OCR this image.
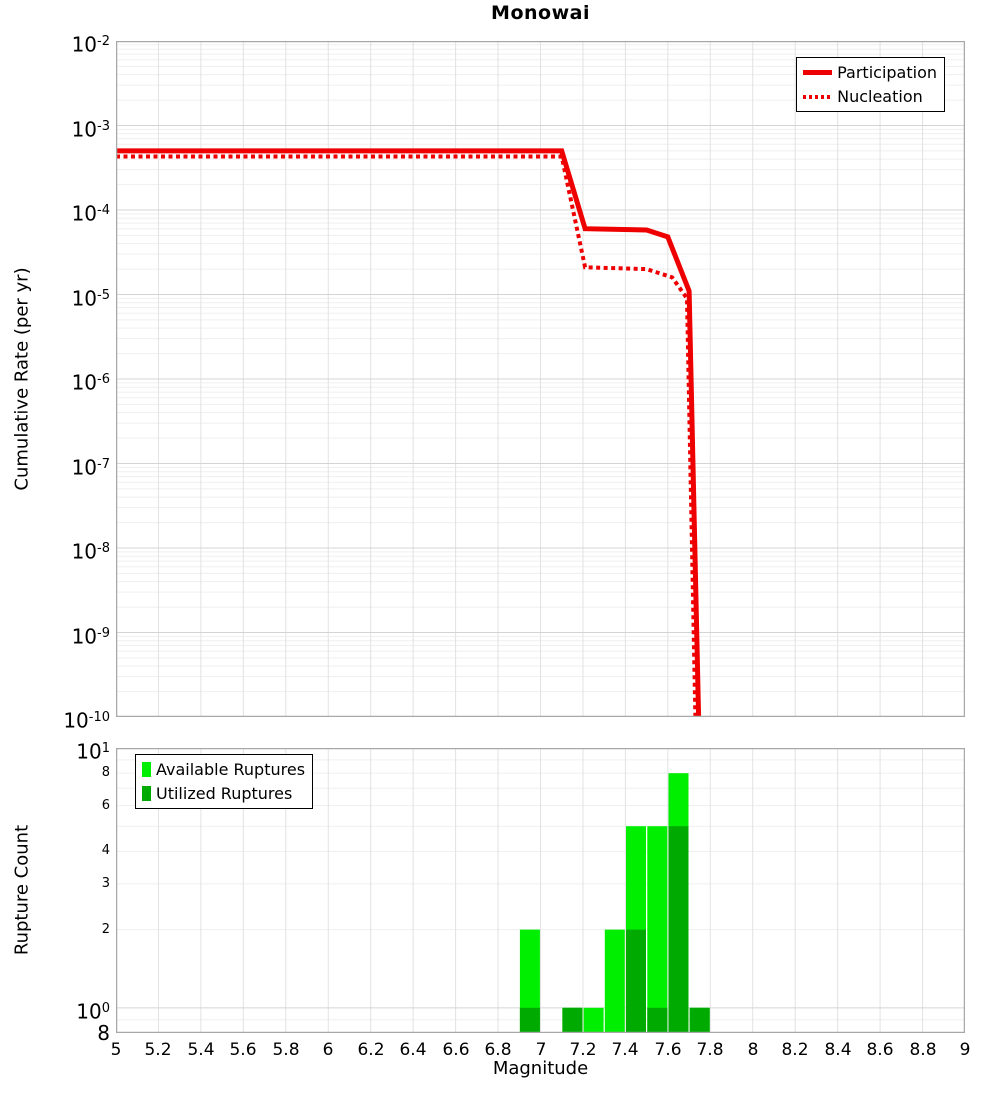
Monowai
Cumulative Rate (per yr)
Rupture Count
Magnitude
Participation
Nucleation
Available Ruptures
Utilized Ruptures
$10^{-2}$
$10^{-3}$
$10^{-4}$
$10^{-5}$
$10^{-6}$
$10^{-7}$
$10^{-8}$
$10^{-9}$
$10^{-10}$
$10^1$
8
6
4
3
2
$10^0$
8
5	5.2 5.4 5.6 5.8	6	6.2 6.4 6.6 6.8	7	7.2 7.4 7.6 7.8	8	8.2 8.4 8.6 8.8	9
